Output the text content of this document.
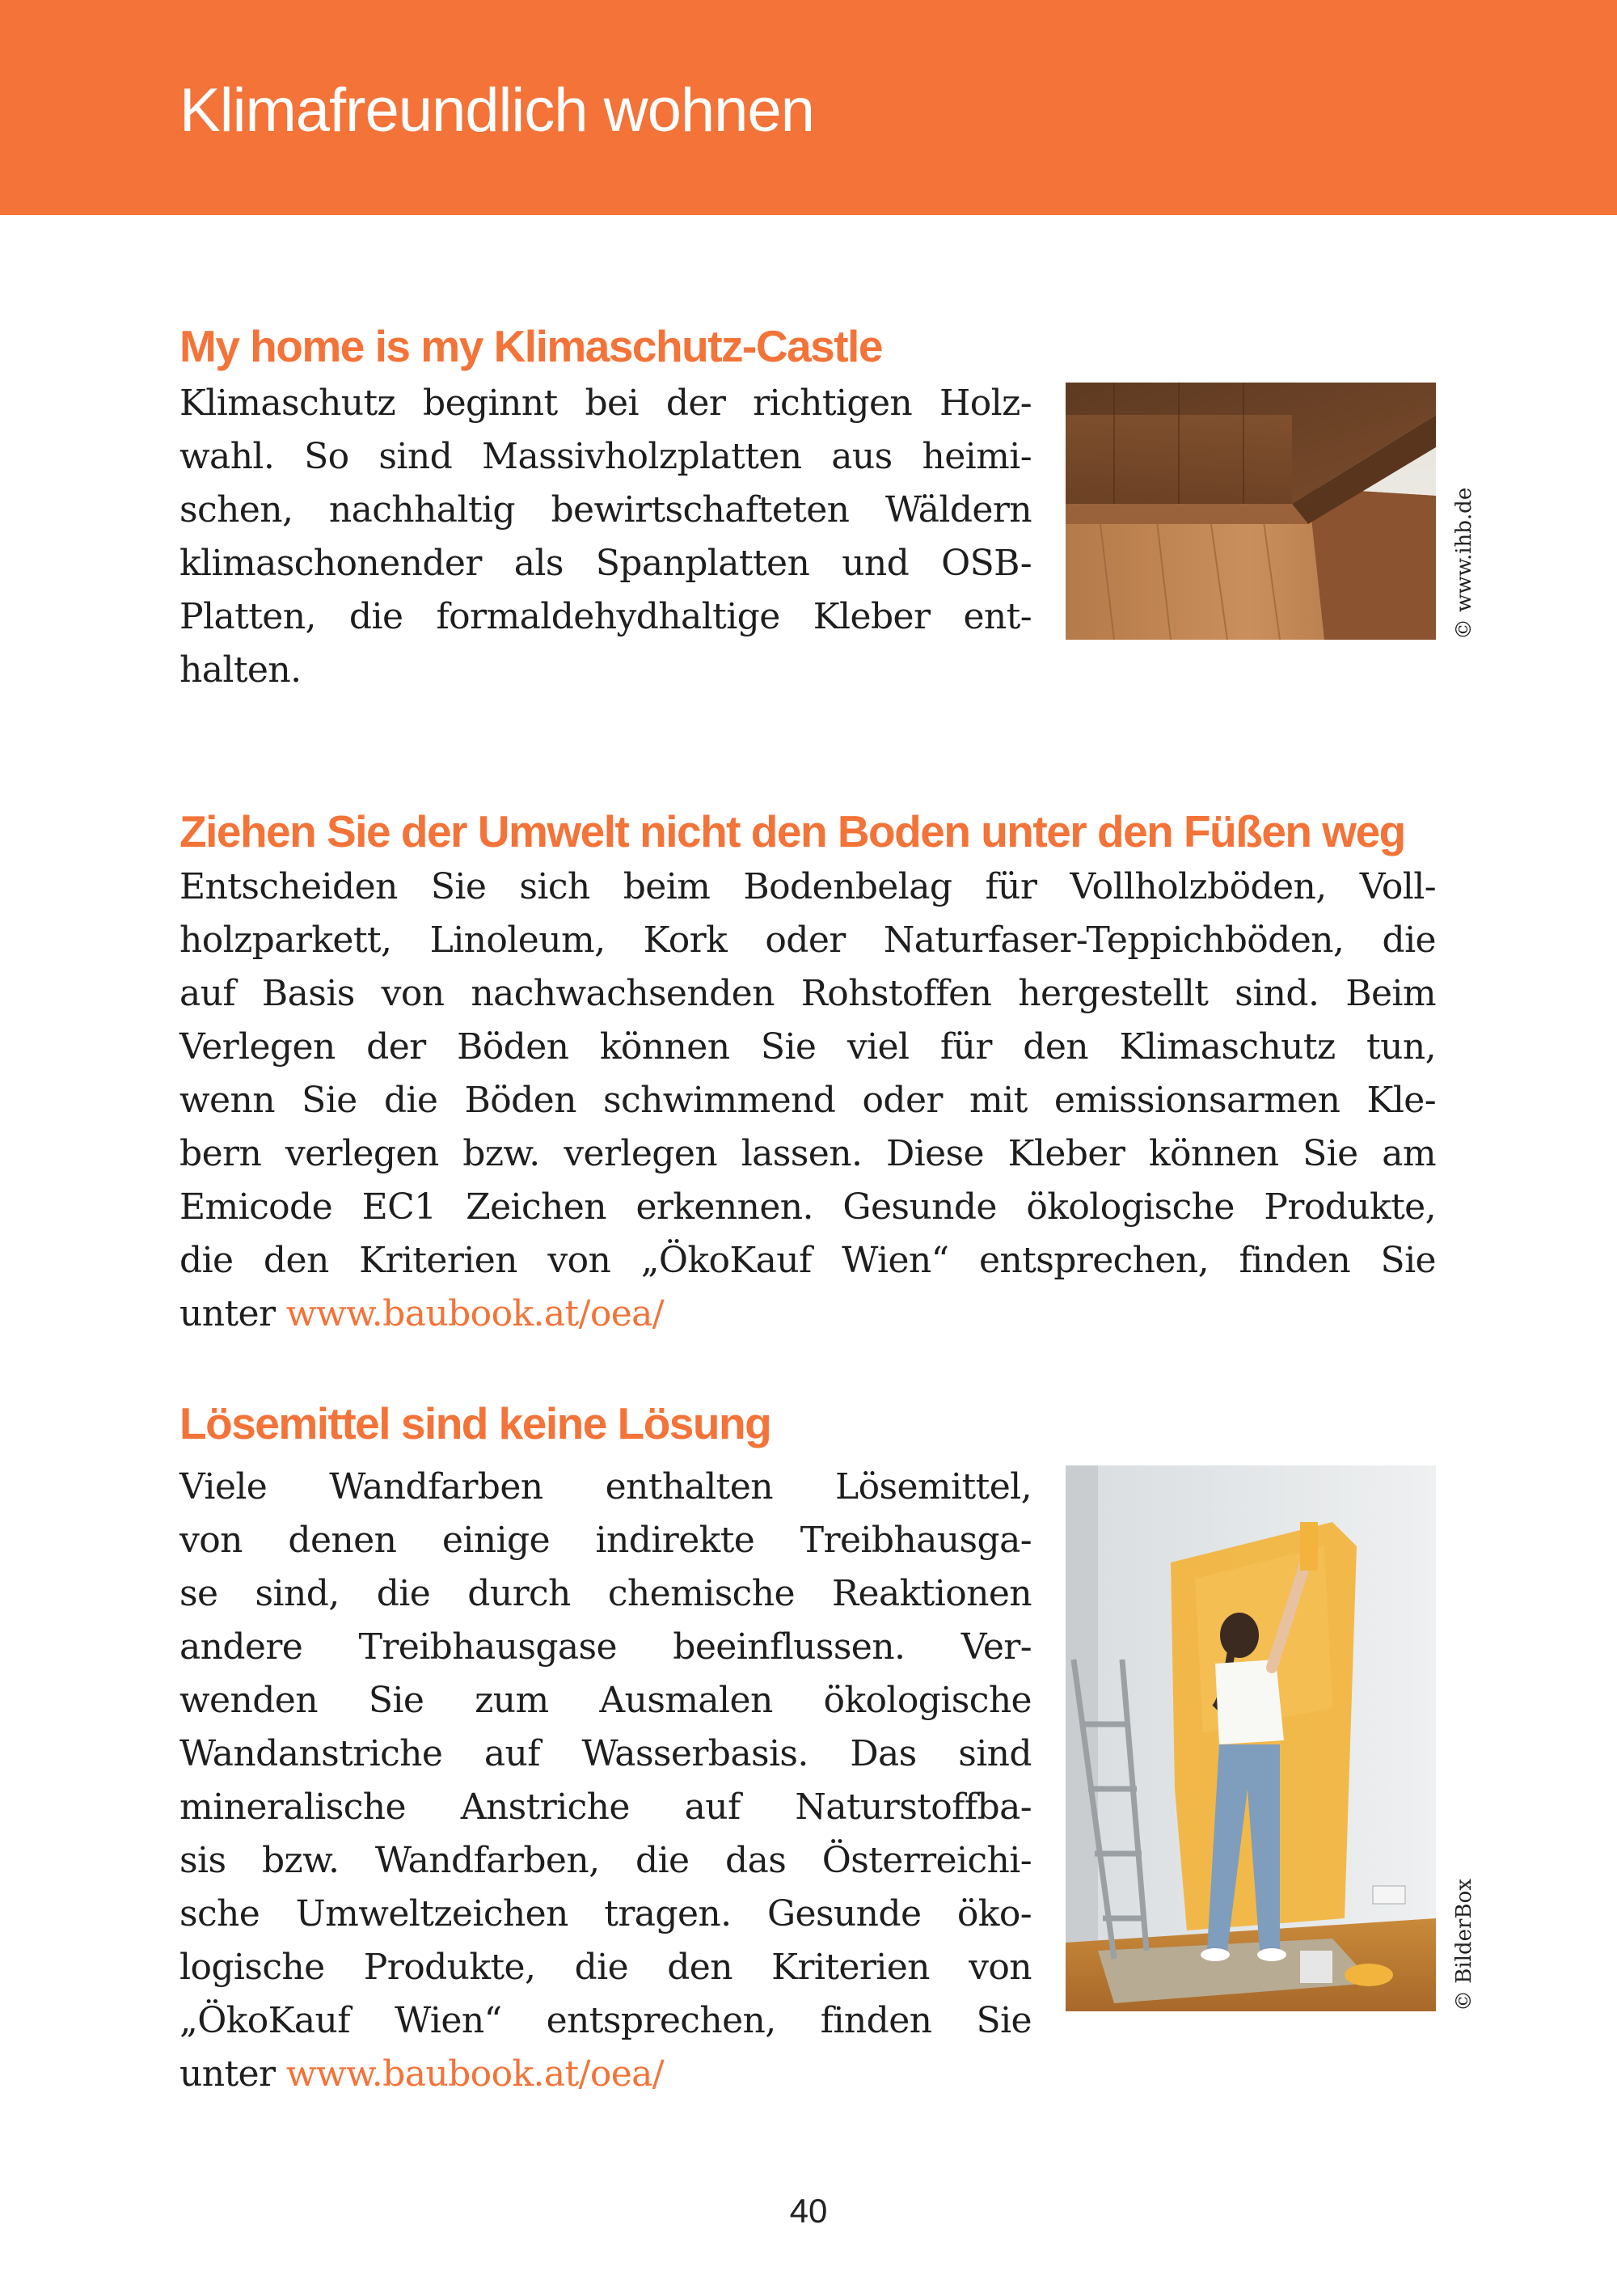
Klimafreundlich wohnen
My home is my Klimaschutz-Castle
Klimaschutz beginnt bei der richtigen Holz-
wahl. So sind Massivholzplatten aus heimi-
schen, nachhaltig bewirtschafteten Wäldern
klimaschonender als Spanplatten und OSB-
Platten, die formaldehydhaltige Kleber ent-
halten.
© www.ihb.de
Ziehen Sie der Umwelt nicht den Boden unter den Füßen weg
Entscheiden Sie sich beim Bodenbelag für Vollholzböden, Voll-
holzparkett, Linoleum, Kork oder Naturfaser-Teppichböden, die
auf Basis von nachwachsenden Rohstoffen hergestellt sind. Beim
Verlegen der Böden können Sie viel für den Klimaschutz tun,
wenn Sie die Böden schwimmend oder mit emissionsarmen Kle-
bern verlegen bzw. verlegen lassen. Diese Kleber können Sie am
Emicode EC1 Zeichen erkennen. Gesunde ökologische Produkte,
die den Kriterien von „ÖkoKauf Wien“ entsprechen, finden Sie
unter www.baubook.at/oea/
Lösemittel sind keine Lösung
Viele Wandfarben enthalten Lösemittel,
von denen einige indirekte Treibhausga-
se sind, die durch chemische Reaktionen
andere Treibhausgase beeinflussen. Ver-
wenden Sie zum Ausmalen ökologische
Wandanstriche auf Wasserbasis. Das sind
mineralische Anstriche auf Naturstoffba-
sis bzw. Wandfarben, die das Österreichi-
sche Umweltzeichen tragen. Gesunde öko-
logische Produkte, die den Kriterien von
„ÖkoKauf Wien“ entsprechen, finden Sie
unter www.baubook.at/oea/
© BilderBox
40
